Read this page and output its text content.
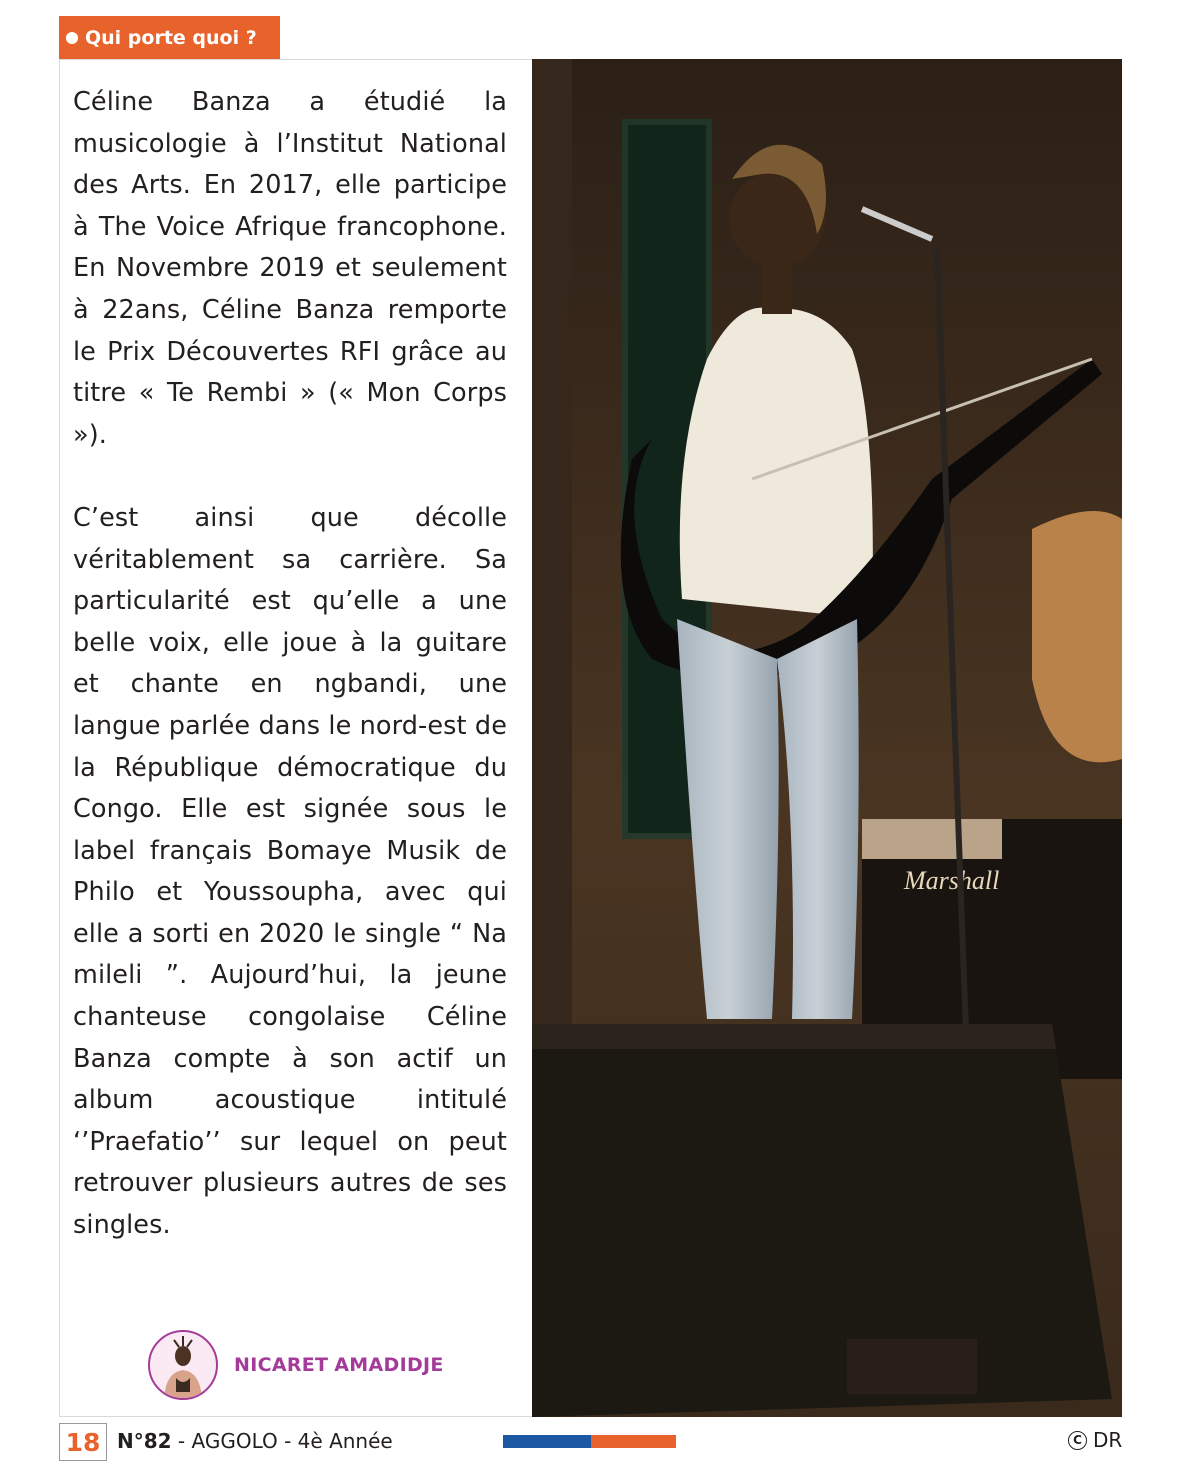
Qui porte quoi ?

Céline Banza a étudié la musicologie à l’Institut National des Arts. En 2017, elle participe à The Voice Afrique francophone. En Novembre 2019 et seulement à 22ans, Céline Banza remporte le Prix Découvertes RFI grâce au titre « Te Rembi » (« Mon Corps »).

C’est ainsi que décolle véritablement sa carrière. Sa particularité est qu’elle a une belle voix, elle joue à la guitare et chante en ngbandi, une langue parlée dans le nord-est de la République démocratique du Congo. Elle est signée sous le label français Bomaye Musik de Philo et Youssoupha, avec qui elle a sorti en 2020 le single “ Na mileli ”. Aujourd’hui, la jeune chanteuse congolaise Céline Banza compte à son actif un album acoustique intitulé ‘’Praefatio’’ sur lequel on peut retrouver plusieurs autres de ses singles.

NICARET AMADIDJE
Marshall
18 N°82 - AGGOLO - 4è Année	C DR
